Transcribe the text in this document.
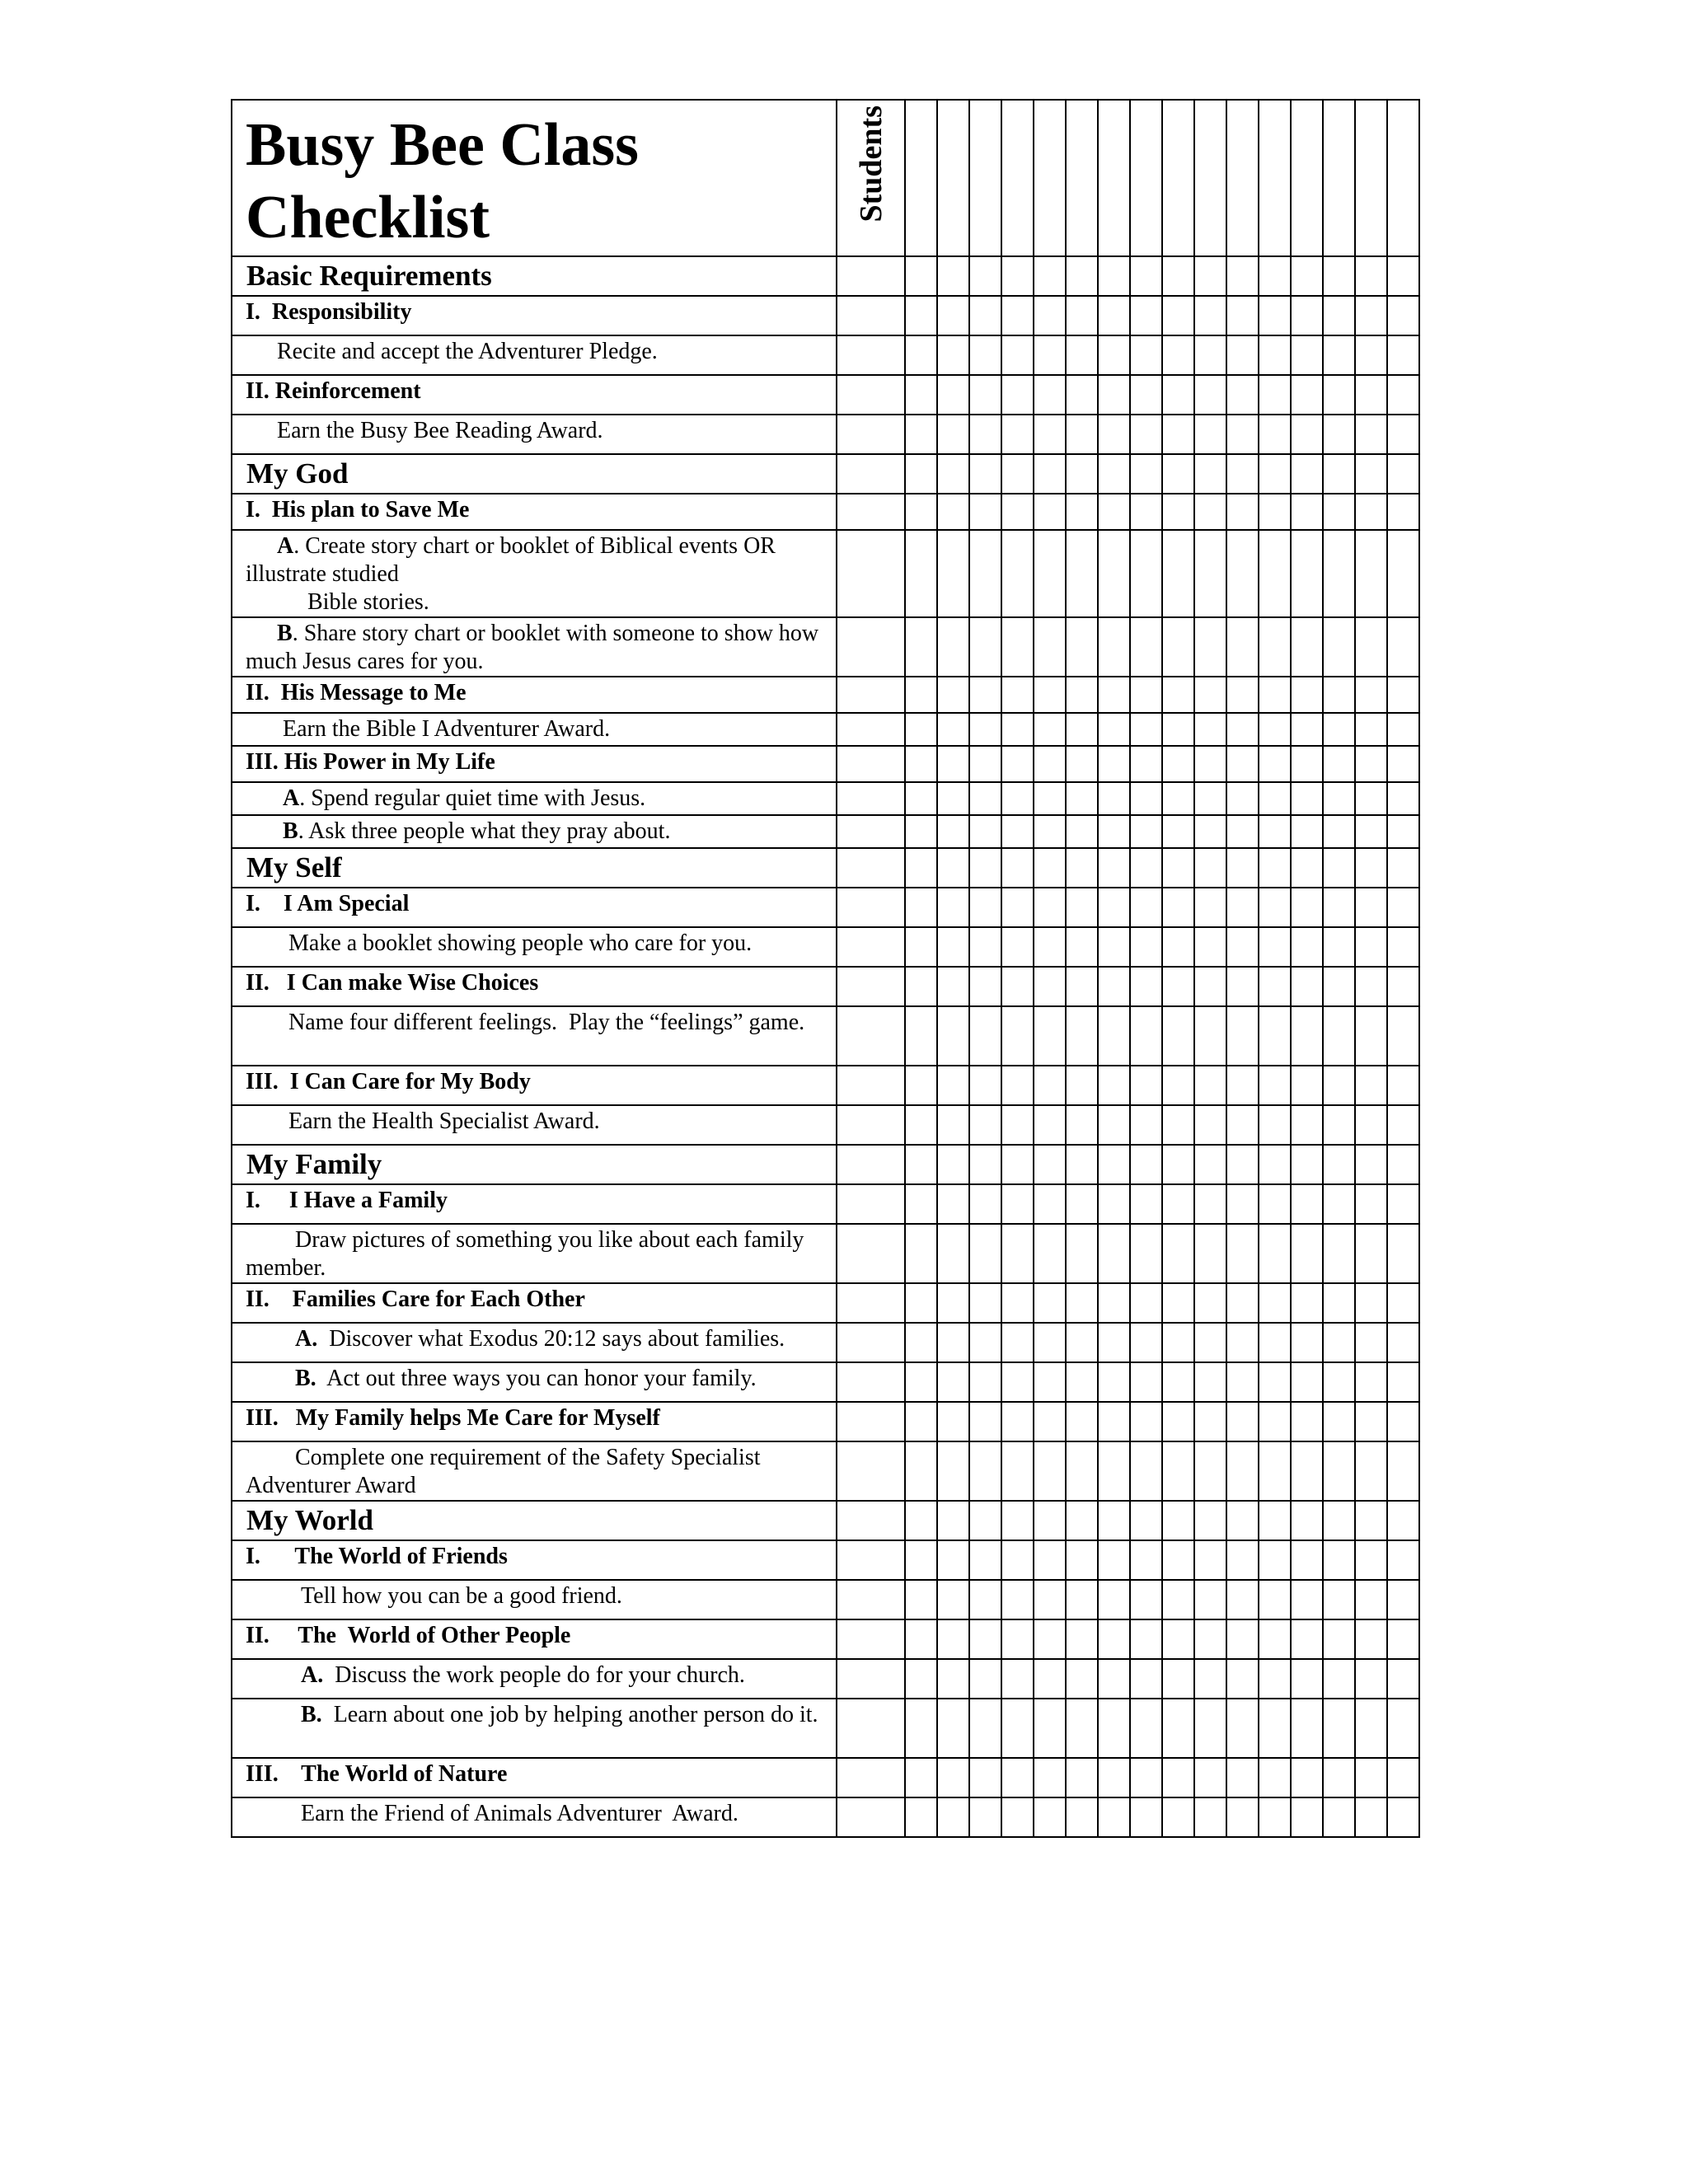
Busy Bee Class Checklist	Students																

Basic Requirements																	
I.  Responsibility																	

Recite and accept the Adventurer Pledge.																	

II. Reinforcement																	

Earn the Busy Bee Reading Award.																	

My God																	
I.  His plan to Save Me																	

A. Create story chart or booklet of Biblical events OR illustrate studied
Bible stories.																	

B. Share story chart or booklet with someone to show how much Jesus cares for you.																	

II.  His Message to Me																	

Earn the Bible I Adventurer Award.																	

III. His Power in My Life																	

A. Spend regular quiet time with Jesus.																	

B. Ask three people what they pray about.																	

My Self																	
I.    I Am Special																	

Make a booklet showing people who care for you.																	

II.   I Can make Wise Choices																	

Name four different feelings.  Play the “feelings” game.																	

III.  I Can Care for My Body																	

Earn the Health Specialist Award.																	

My Family																	
I.     I Have a Family																	

Draw pictures of something you like about each family member.																	

II.    Families Care for Each Other																	

A.  Discover what Exodus 20:12 says about families.																	

B.  Act out three ways you can honor your family.																	

III.   My Family helps Me Care for Myself																	

Complete one requirement of the Safety Specialist Adventurer Award																	

My World																	
I.      The World of Friends																	

Tell how you can be a good friend.																	

II.     The  World of Other People																	

A.  Discuss the work people do for your church.																	

B.  Learn about one job by helping another person do it.																	

III.    The World of Nature																	

Earn the Friend of Animals Adventurer  Award.																	
